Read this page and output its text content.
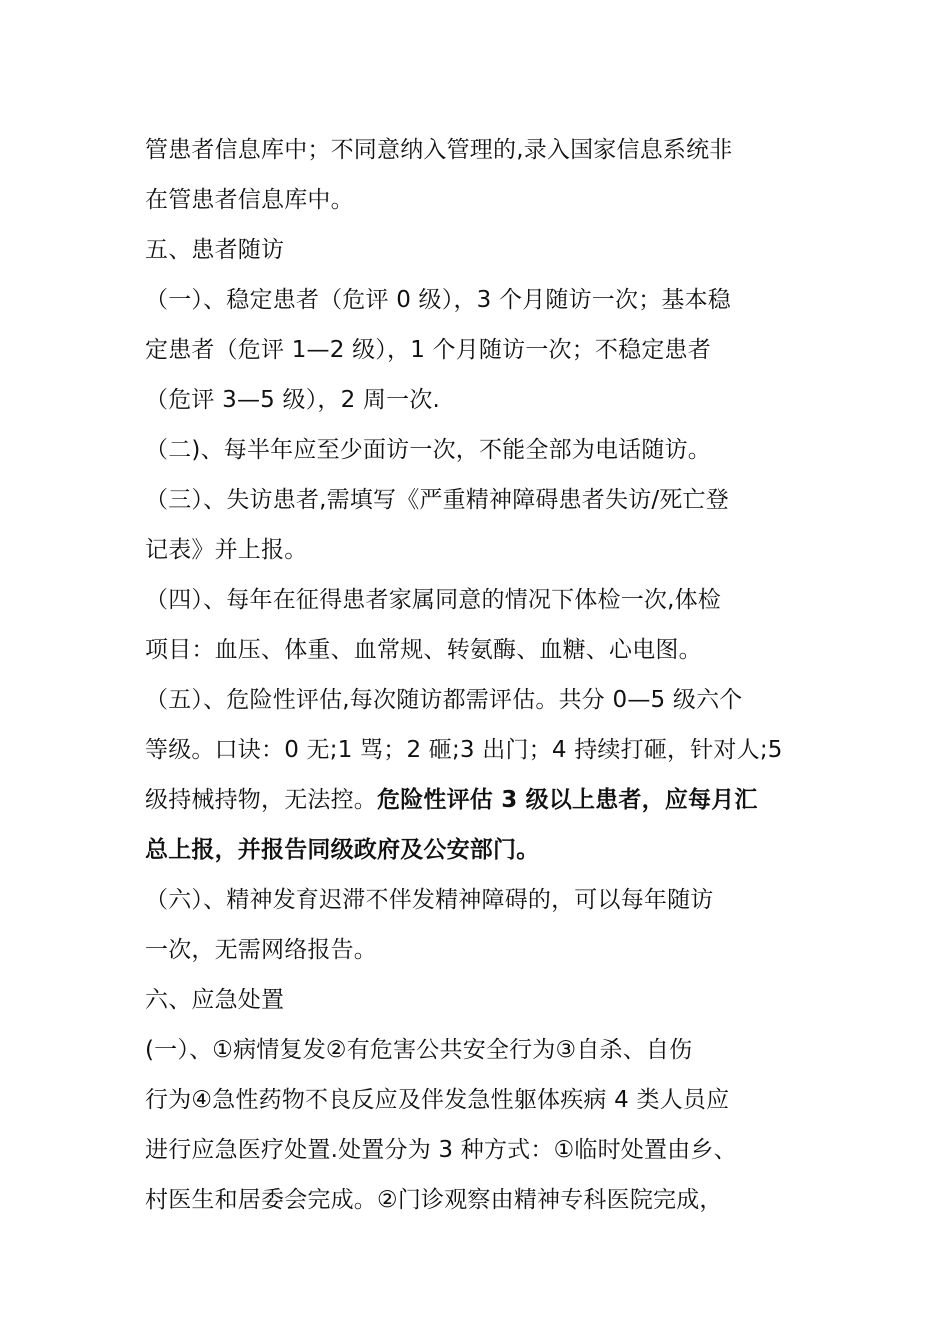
管患者信息库中；不同意纳入管理的,录入国家信息系统非
在管患者信息库中。
五、患者随访
（一）、稳定患者（危评 0 级），3 个月随访一次；基本稳
定患者（危评 1—2 级），1 个月随访一次；不稳定患者
（危评 3—5 级），2 周一次.
（二)、每半年应至少面访一次，不能全部为电话随访。
（三）、失访患者,需填写《严重精神障碍患者失访/死亡登
记表》并上报。
（四）、每年在征得患者家属同意的情况下体检一次,体检
项目：血压、体重、血常规、转氨酶、血糖、心电图。
（五）、危险性评估,每次随访都需评估。共分 0—5 级六个
等级。口诀：0 无;1 骂；2 砸;3 出门；4 持续打砸，针对人;5
级持械持物，无法控。危险性评估 3 级以上患者，应每月汇
总上报，并报告同级政府及公安部门。
（六）、精神发育迟滞不伴发精神障碍的，可以每年随访
一次，无需网络报告。
六、应急处置
(一）、①病情复发②有危害公共安全行为③自杀、自伤
行为④急性药物不良反应及伴发急性躯体疾病 4 类人员应
进行应急医疗处置.处置分为 3 种方式：①临时处置由乡、
村医生和居委会完成。②门诊观察由精神专科医院完成，
